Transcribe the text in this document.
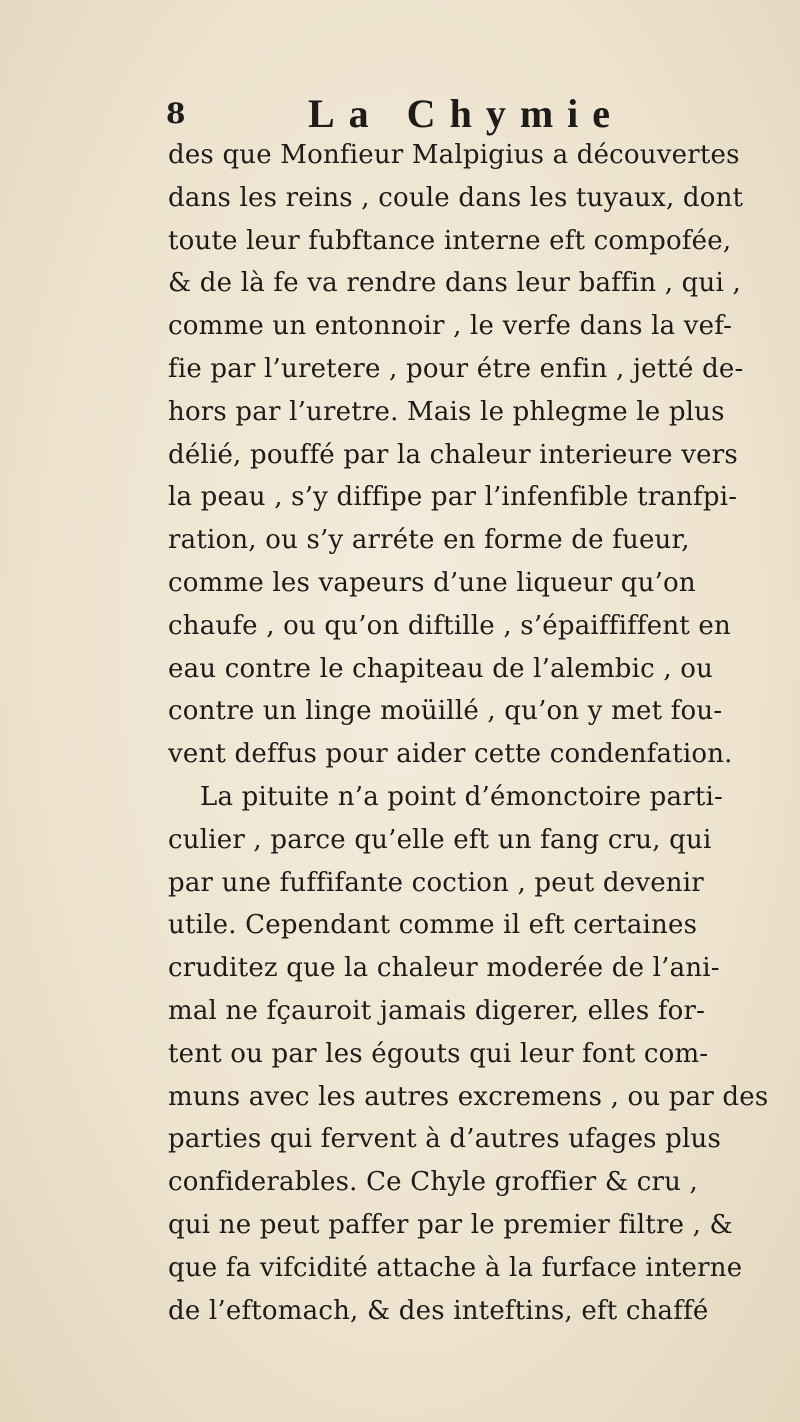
8	La Chymie
des que Monfieur Malpigius a découvertes
dans les reins , coule dans les tuyaux, dont
toute leur fubftance interne eft compofée,
& de là fe va rendre dans leur baffin , qui ,
comme un entonnoir , le verfe dans la vef-
fie par l’uretere , pour étre enfin , jetté de-
hors par l’uretre. Mais le phlegme le plus
délié, pouffé par la chaleur interieure vers
la peau , s’y diffipe par l’infenfible tranfpi-
ration, ou s’y arréte en forme de fueur,
comme les vapeurs d’une liqueur qu’on
chaufe , ou qu’on diftille , s’épaiffiffent en
eau contre le chapiteau de l’alembic , ou
contre un linge moüillé , qu’on y met fou-
vent deffus pour aider cette condenfation.
La pituite n’a point d’émonctoire parti-
culier , parce qu’elle eft un fang cru, qui
par une fuffifante coction , peut devenir
utile. Cependant comme il eft certaines
cruditez que la chaleur moderée de l’ani-
mal ne fçauroit jamais digerer, elles for-
tent ou par les égouts qui leur font com-
muns avec les autres excremens , ou par des
parties qui fervent à d’autres ufages plus
confiderables. Ce Chyle groffier & cru ,
qui ne peut paffer par le premier filtre , &
que fa vifcidité attache à la furface interne
de l’eftomach, & des inteftins, eft chaffé
